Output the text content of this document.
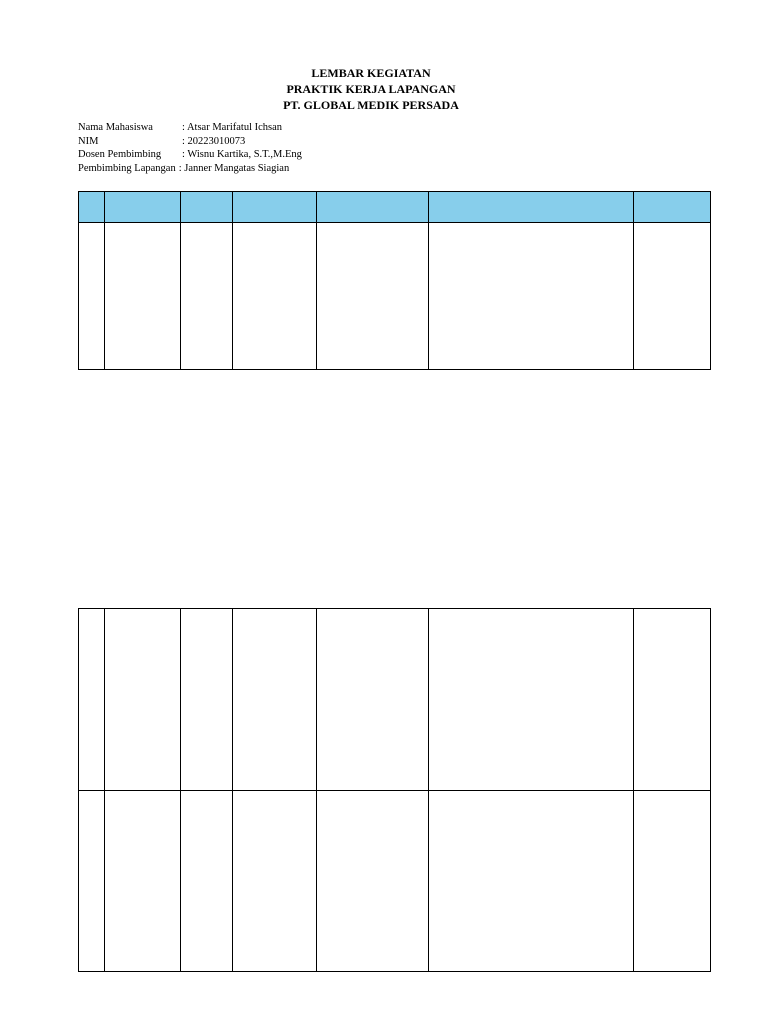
LEMBAR KEGIATAN
PRAKTIK KERJA LAPANGAN
PT. GLOBAL MEDIK PERSADA
Nama Mahasiswa	: Atsar Marifatul Ichsan
NIM	: 20223010073
Dosen Pembimbing	: Wisnu Kartika, S.T.,M.Eng
Pembimbing Lapangan : Janner Mangatas Siagian
